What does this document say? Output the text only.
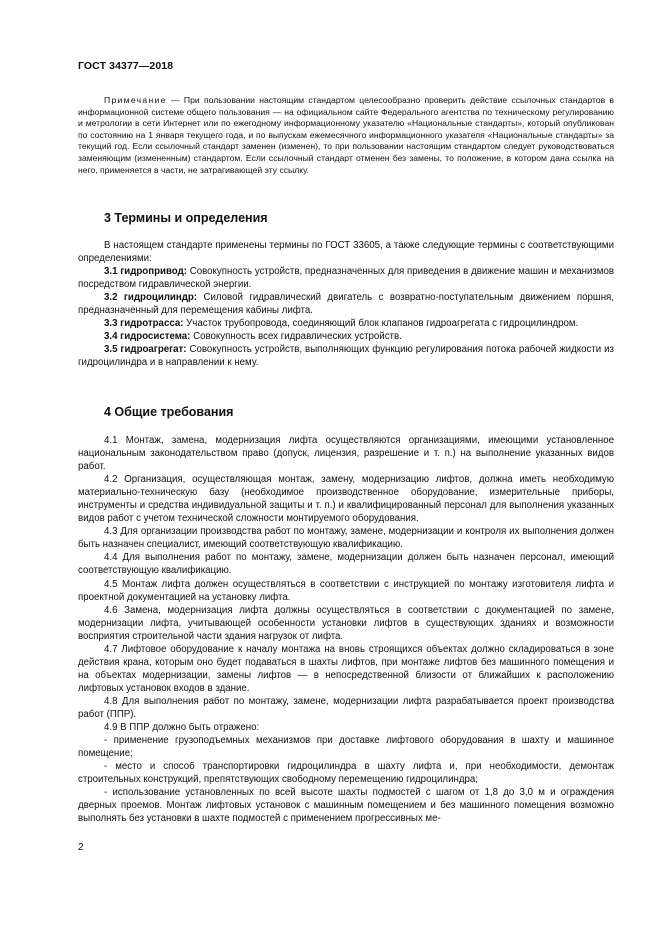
ГОСТ 34377—2018

Примечание — При пользовании настоящим стандартом целесообразно проверить действие ссылочных стандартов в информационной системе общего пользования — на официальном сайте Федерального агентства по техническому регулированию и метрологии в сети Интернет или по ежегодному информационному указателю «Национальные стандарты», который опубликован по состоянию на 1 января текущего года, и по выпускам ежемесячного информационного указателя «Национальные стандарты» за текущий год. Если ссылочный стандарт заменен (изменен), то при пользовании настоящим стандартом следует руководствоваться заменяющим (измененным) стандартом. Если ссылочный стандарт отменен без замены, то положение, в котором дана ссылка на него, применяется в части, не затрагивающей эту ссылку.

3 Термины и определения

В настоящем стандарте применены термины по ГОСТ 33605, а также следующие термины с соответствующими определениями:

3.1 гидропривод: Совокупность устройств, предназначенных для приведения в движение машин и механизмов посредством гидравлической энергии.

3.2 гидроцилиндр: Силовой гидравлический двигатель с возвратно-поступательным движением поршня, предназначенный для перемещения кабины лифта.

3.3 гидротрасса: Участок трубопровода, соединяющий блок клапанов гидроагрегата с гидроцилиндром.

3.4 гидросистема: Совокупность всех гидравлических устройств.

3.5 гидроагрегат: Совокупность устройств, выполняющих функцию регулирования потока рабочей жидкости из гидроцилиндра и в направлении к нему.

4 Общие требования

4.1 Монтаж, замена, модернизация лифта осуществляются организациями, имеющими установленное национальным законодательством право (допуск, лицензия, разрешение и т. п.) на выполнение указанных видов работ.

4.2 Организация, осуществляющая монтаж, замену, модернизацию лифтов, должна иметь необходимую материально-техническую базу (необходимое производственное оборудование, измерительные приборы, инструменты и средства индивидуальной защиты и т. п.) и квалифицированный персонал для выполнения указанных видов работ с учетом технической сложности монтируемого оборудования.

4.3 Для организации производства работ по монтажу, замене, модернизации и контроля их выполнения должен быть назначен специалист, имеющий соответствующую квалификацию.

4.4 Для выполнения работ по монтажу, замене, модернизации должен быть назначен персонал, имеющий соответствующую квалификацию.

4.5 Монтаж лифта должен осуществляться в соответствии с инструкцией по монтажу изготовителя лифта и проектной документацией на установку лифта.

4.6 Замена, модернизация лифта должны осуществляться в соответствии с документацией по замене, модернизации лифта, учитывающей особенности установки лифтов в существующих зданиях и возможности восприятия строительной части здания нагрузок от лифта.

4.7 Лифтовое оборудование к началу монтажа на вновь строящихся объектах должно складироваться в зоне действия крана, которым оно будет подаваться в шахты лифтов, при монтаже лифтов без машинного помещения и на объектах модернизации, замены лифтов — в непосредственной близости от ближайших к расположению лифтовых установок входов в здание.

4.8 Для выполнения работ по монтажу, замене, модернизации лифта разрабатывается проект производства работ (ППР).

4.9 В ППР должно быть отражено:

- применение грузоподъемных механизмов при доставке лифтового оборудования в шахту и машинное помещение;

- место и способ транспортировки гидроцилиндра в шахту лифта и, при необходимости, демонтаж строительных конструкций, препятствующих свободному перемещению гидроцилиндра;

- использование установленных по всей высоте шахты подмостей с шагом от 1,8 до 3,0 м и ограждения дверных проемов. Монтаж лифтовых установок с машинным помещением и без машинного помещения возможно выполнять без установки в шахте подмостей с применением прогрессивных ме-

2
